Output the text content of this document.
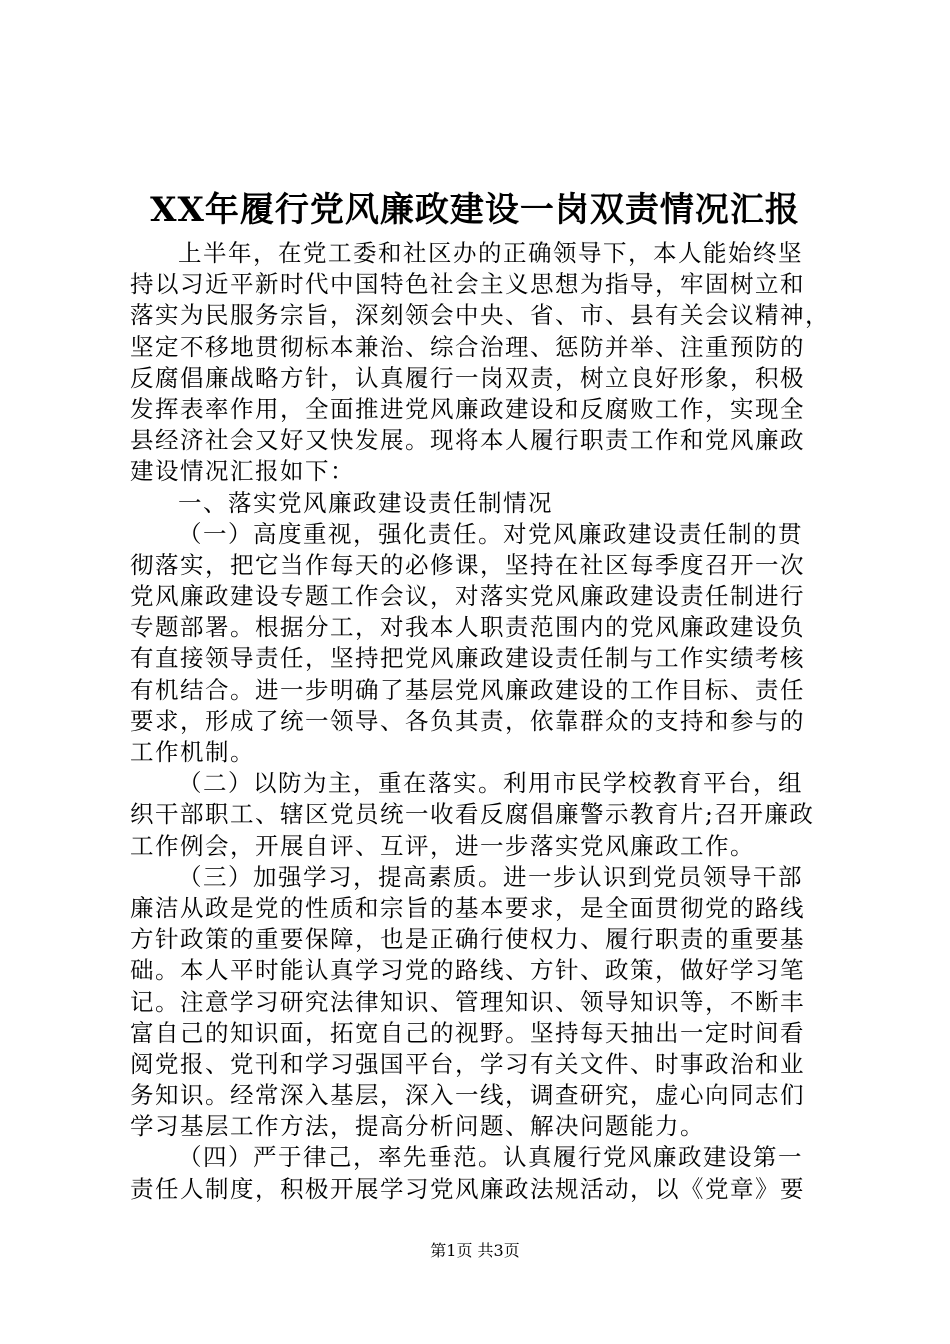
XX年履行党风廉政建设一岗双责情况汇报
上半年，在党工委和社区办的正确领导下，本人能始终坚
持以习近平新时代中国特色社会主义思想为指导，牢固树立和
落实为民服务宗旨，深刻领会中央、省、市、县有关会议精神，
坚定不移地贯彻标本兼治、综合治理、惩防并举、注重预防的
反腐倡廉战略方针，认真履行一岗双责，树立良好形象，积极
发挥表率作用，全面推进党风廉政建设和反腐败工作，实现全
县经济社会又好又快发展。现将本人履行职责工作和党风廉政
建设情况汇报如下：
一、落实党风廉政建设责任制情况
（一）高度重视，强化责任。对党风廉政建设责任制的贯
彻落实，把它当作每天的必修课，坚持在社区每季度召开一次
党风廉政建设专题工作会议，对落实党风廉政建设责任制进行
专题部署。根据分工，对我本人职责范围内的党风廉政建设负
有直接领导责任，坚持把党风廉政建设责任制与工作实绩考核
有机结合。进一步明确了基层党风廉政建设的工作目标、责任
要求，形成了统一领导、各负其责，依靠群众的支持和参与的
工作机制。
（二）以防为主，重在落实。利用市民学校教育平台，组
织干部职工、辖区党员统一收看反腐倡廉警示教育片;召开廉政
工作例会，开展自评、互评，进一步落实党风廉政工作。
（三）加强学习，提高素质。进一步认识到党员领导干部
廉洁从政是党的性质和宗旨的基本要求，是全面贯彻党的路线
方针政策的重要保障，也是正确行使权力、履行职责的重要基
础。本人平时能认真学习党的路线、方针、政策，做好学习笔
记。注意学习研究法律知识、管理知识、领导知识等，不断丰
富自己的知识面，拓宽自己的视野。坚持每天抽出一定时间看
阅党报、党刊和学习强国平台，学习有关文件、时事政治和业
务知识。经常深入基层，深入一线，调查研究，虚心向同志们
学习基层工作方法，提高分析问题、解决问题能力。
（四）严于律己，率先垂范。认真履行党风廉政建设第一
责任人制度，积极开展学习党风廉政法规活动，以《党章》要
第1页 共3页
